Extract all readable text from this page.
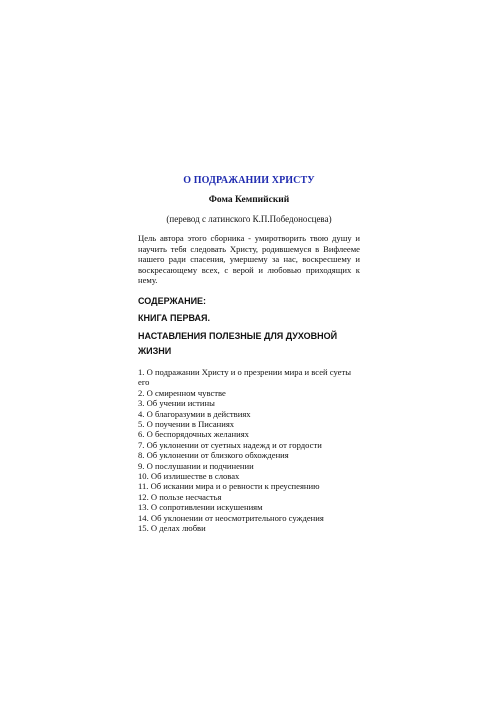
О ПОДРАЖАНИИ ХРИСТУ
Фома Кемпийский
(перевод с латинского К.П.Победоносцева)
Цель автора этого сборника - умиротворить твою душу и научить тебя следовать Христу, родившемуся в Вифлееме нашего ради спасения, умершему за нас, воскресшему и воскресающему всех, с верой и любовью приходящих к нему.
СОДЕРЖАНИЕ:
КНИГА ПЕРВАЯ.
НАСТАВЛЕНИЯ ПОЛЕЗНЫЕ ДЛЯ ДУХОВНОЙ ЖИЗНИ
1. О подражании Христу и о презрении мира и всей суеты его
2. О смиренном чувстве
3. Об учении истины
4. О благоразумии в действиях
5. О поучении в Писаниях
6. О беспорядочных желаниях
7. Об уклонении от суетных надежд и от гордости
8. Об уклонении от близкого обхождения
9. О послушании и подчинении
10. Об излишестве в словах
11. Об искании мира и о ревности к преуспеянию
12. О пользе несчастья
13. О сопротивлении искушениям
14. Об уклонении от неосмотрительного суждения
15. О делах любви
